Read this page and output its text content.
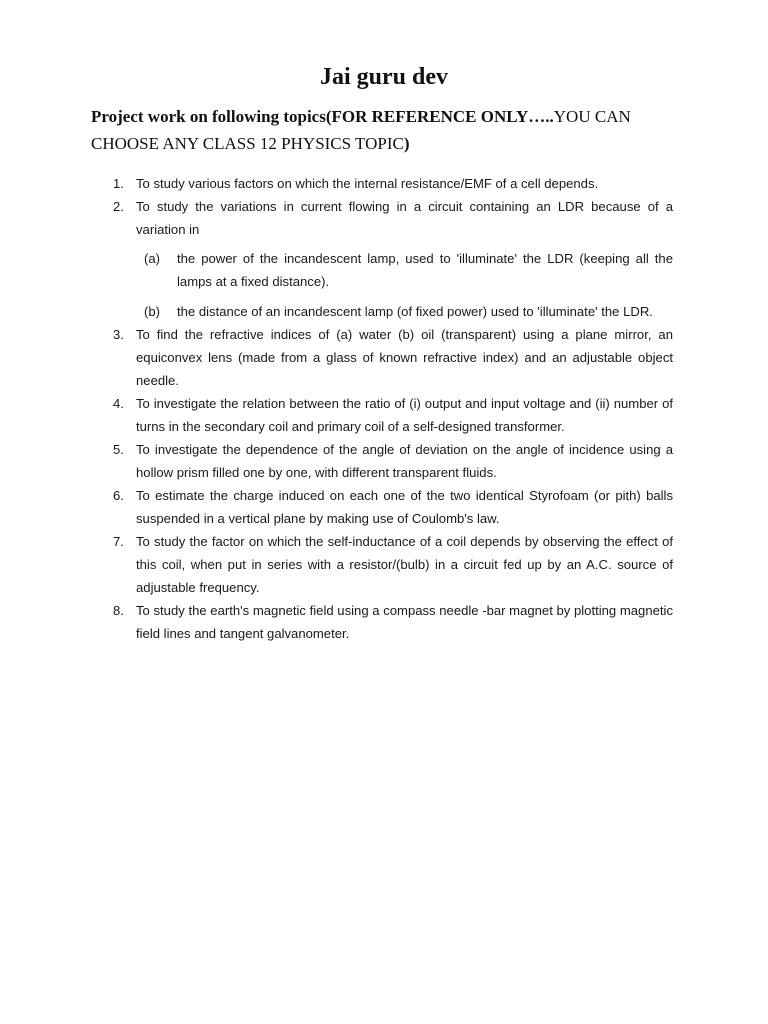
Jai guru dev
Project work on following topics(FOR REFERENCE ONLY…..YOU CAN CHOOSE ANY CLASS 12 PHYSICS TOPIC)
1. To study various factors on which the internal resistance/EMF of a cell depends.
2. To study the variations in current flowing in a circuit containing an LDR because of a variation in
(a) the power of the incandescent lamp, used to 'illuminate' the LDR (keeping all the lamps at a fixed distance).
(b) the distance of an incandescent lamp (of fixed power) used to 'illuminate' the LDR.
3. To find the refractive indices of (a) water (b) oil (transparent) using a plane mirror, an equiconvex lens (made from a glass of known refractive index) and an adjustable object needle.
4. To investigate the relation between the ratio of (i) output and input voltage and (ii) number of turns in the secondary coil and primary coil of a self-designed transformer.
5. To investigate the dependence of the angle of deviation on the angle of incidence using a hollow prism filled one by one, with different transparent fluids.
6. To estimate the charge induced on each one of the two identical Styrofoam (or pith) balls suspended in a vertical plane by making use of Coulomb's law.
7. To study the factor on which the self-inductance of a coil depends by observing the effect of this coil, when put in series with a resistor/(bulb) in a circuit fed up by an A.C. source of adjustable frequency.
8. To study the earth's magnetic field using a compass needle -bar magnet by plotting magnetic field lines and tangent galvanometer.
